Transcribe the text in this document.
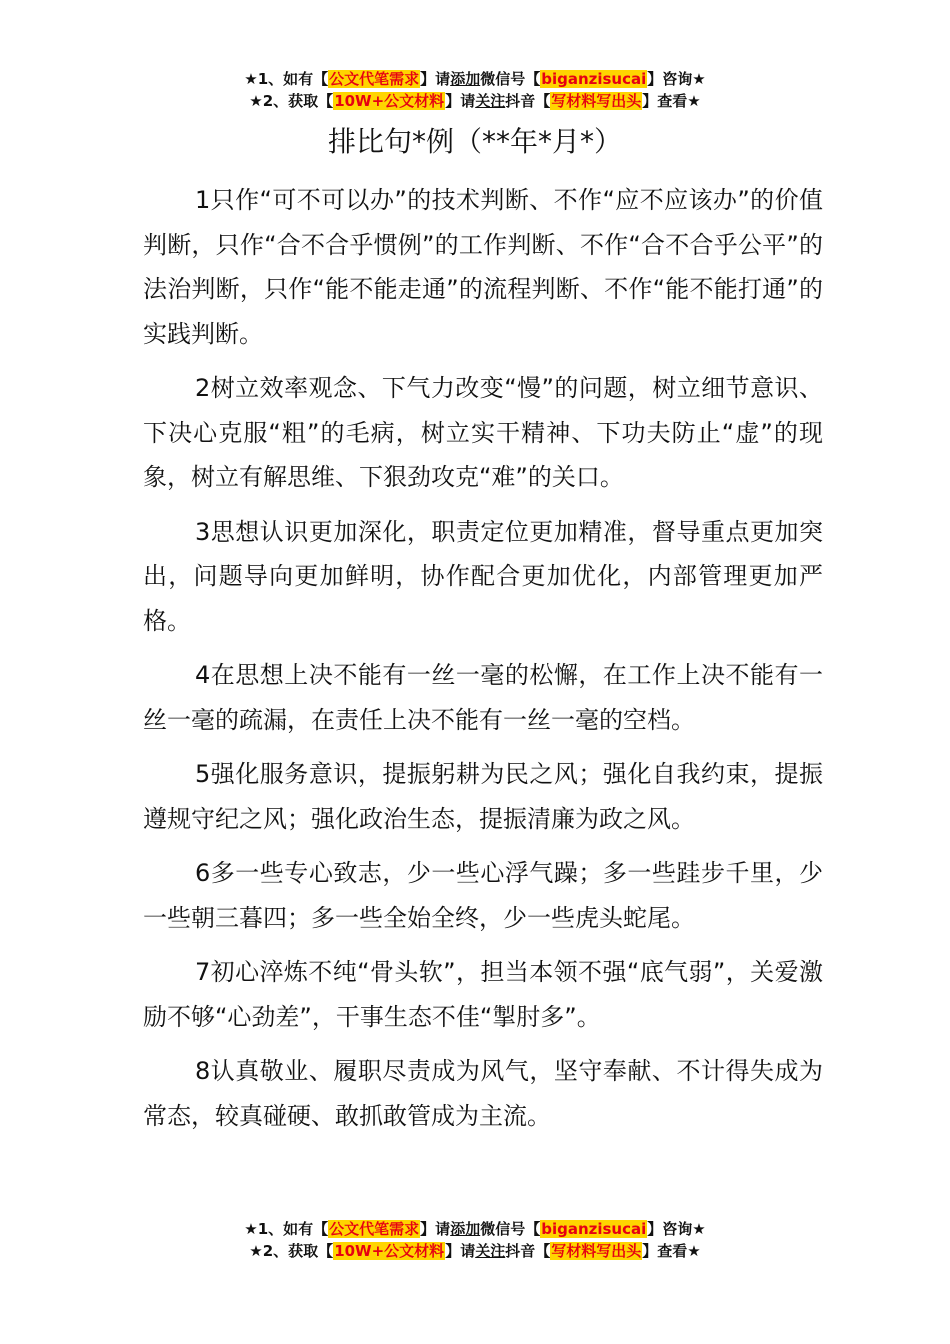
★1、如有【公文代笔需求】请添加微信号【biganzisucai】咨询★
★2、获取【10W+公文材料】请关注抖音【写材料写出头】查看★
排比句*例（**年*月*）

1只作“可不可以办”的技术判断、不作“应不应该办”的价值判断，只作“合不合乎惯例”的工作判断、不作“合不合乎公平”的法治判断，只作“能不能走通”的流程判断、不作“能不能打通”的实践判断。

2树立效率观念、下气力改变“慢”的问题，树立细节意识、下决心克服“粗”的毛病，树立实干精神、下功夫防止“虚”的现象，树立有解思维、下狠劲攻克“难”的关口。

3思想认识更加深化，职责定位更加精准，督导重点更加突出，问题导向更加鲜明，协作配合更加优化，内部管理更加严格。

4在思想上决不能有一丝一毫的松懈，在工作上决不能有一丝一毫的疏漏，在责任上决不能有一丝一毫的空档。

5强化服务意识，提振躬耕为民之风；强化自我约束，提振遵规守纪之风；强化政治生态，提振清廉为政之风。

6多一些专心致志，少一些心浮气躁；多一些跬步千里，少一些朝三暮四；多一些全始全终，少一些虎头蛇尾。

7初心淬炼不纯“骨头软”，担当本领不强“底气弱”，关爱激励不够“心劲差”，干事生态不佳“掣肘多”。

8认真敬业、履职尽责成为风气，坚守奉献、不计得失成为常态，较真碰硬、敢抓敢管成为主流。

★1、如有【公文代笔需求】请添加微信号【biganzisucai】咨询★
★2、获取【10W+公文材料】请关注抖音【写材料写出头】查看★
